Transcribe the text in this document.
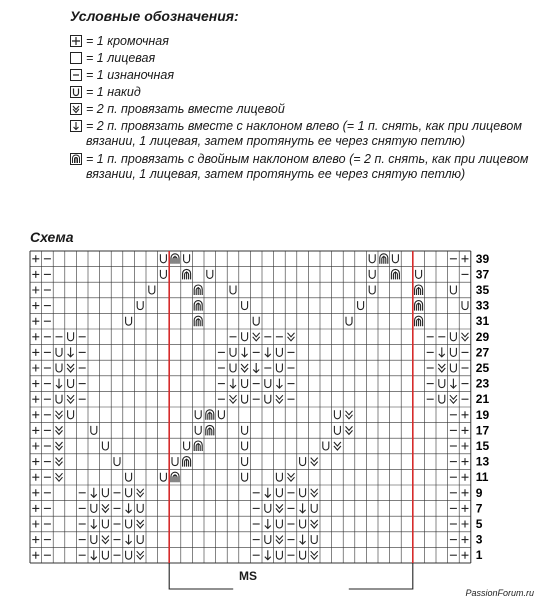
Условные обозначения:
= 1 кромочная
= 1 лицевая
= 1 изнаночная
= 1 накид
= 2 п. провязать вместе лицевой
= 2 п. провязать вместе с наклоном влево (= 1 п. снять, как при лицевом вязании, 1 лицевая, затем протянуть ее через снятую петлю)
= 1 п. провязать с двойным наклоном влево (= 2 п. снять, как при лицевом вязании, 1 лицевая, затем протянуть ее через снятую петлю)
Схема
39
37
35
33
31
29
27
25
23
21
19
17
15
13
11
9
7
5
3
1
MS
PassionForum.ru
